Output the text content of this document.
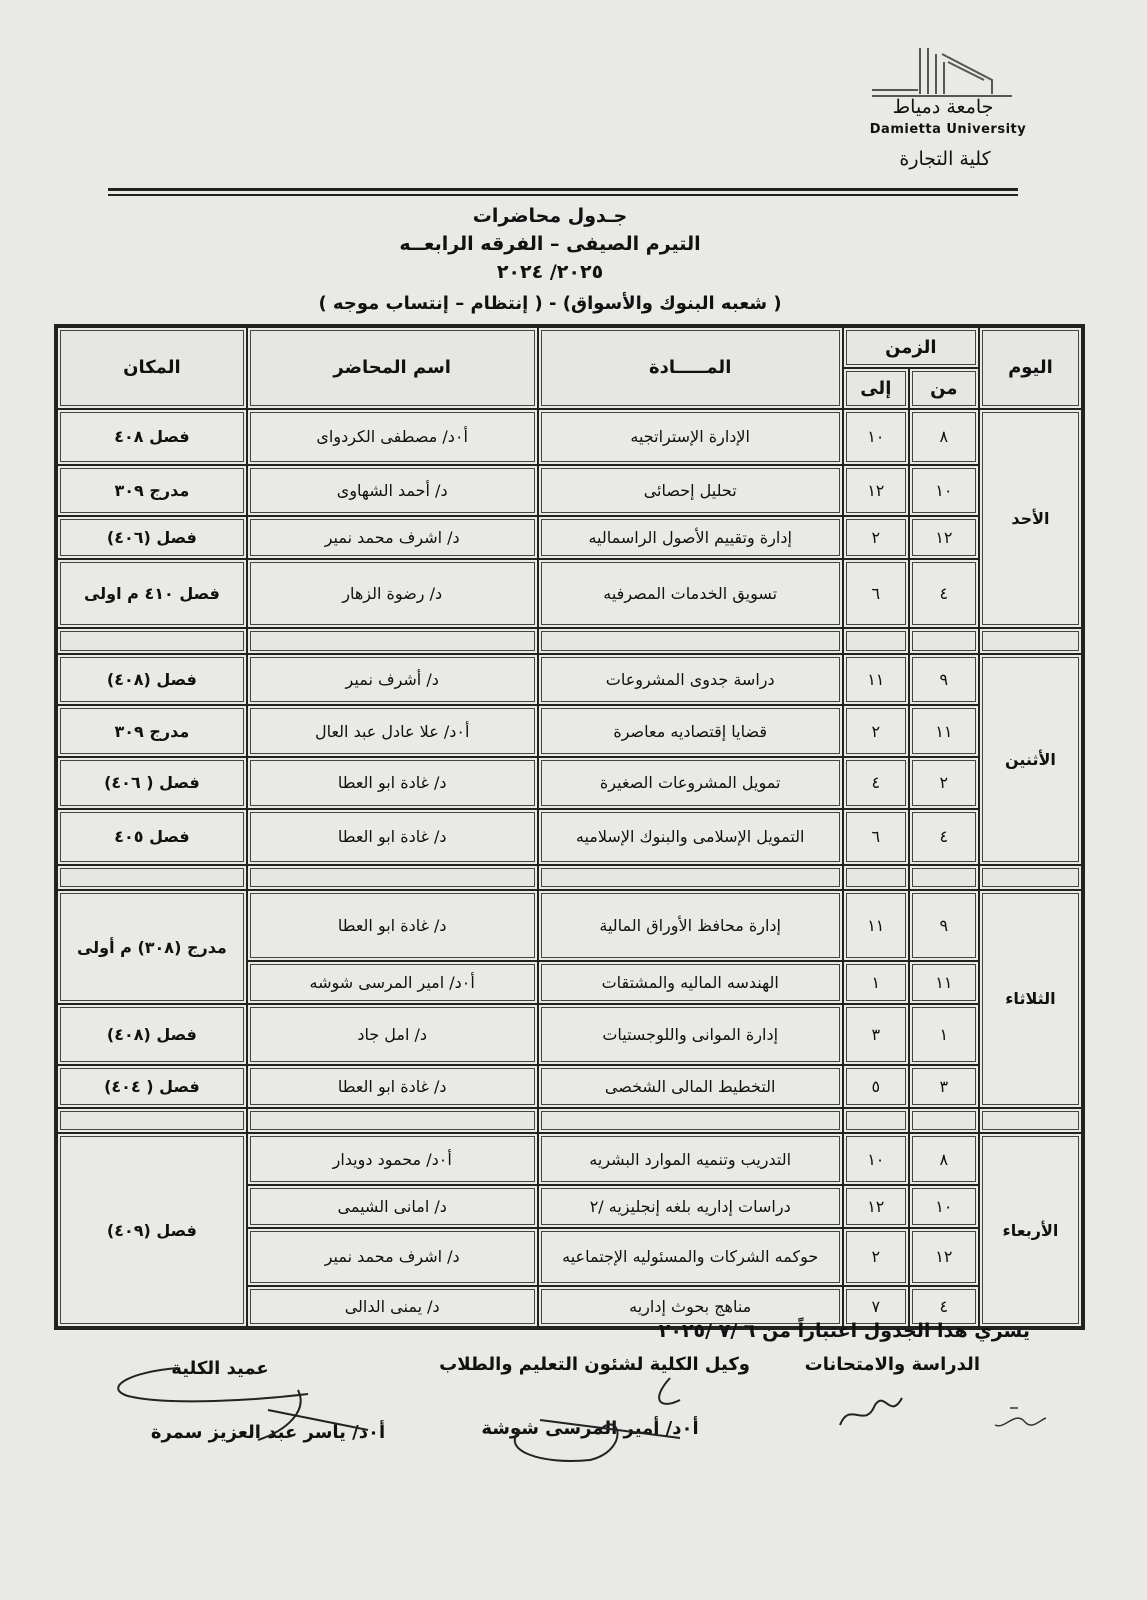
جامعة دمياط
Damietta University
كلية التجارة
جـدول محاضرات
التيرم الصيفى – الفرقه الرابعــه
٢٠٢٥/ ٢٠٢٤
( شعبه البنوك والأسواق) - ( إنتظام – إنتساب موجه )
اليوم	الزمن		المـــــادة	اسم المحاضر	المكان
	من	إلى			
الأحد	٨	١٠	الإدارة الإستراتجيه	أ٠د/ مصطفى الكردواى	فصل ٤٠٨
	١٠	١٢	تحليل إحصائى	د/ أحمد الشهاوى	مدرج ٣٠٩
	١٢	٢	إدارة وتقييم الأصول الراسماليه	د/ اشرف محمد نمير	فصل (٤٠٦)
	٤	٦	تسويق الخدمات المصرفيه	د/ رضوة الزهار	فصل ٤١٠ م اولى

الأثنين	٩	١١	دراسة جدوى المشروعات	د/ أشرف نمير	فصل (٤٠٨)
	١١	٢	قضايا إقتصاديه معاصرة	أ٠د/ علا عادل عبد العال	مدرج ٣٠٩
	٢	٤	تمويل المشروعات الصغيرة	د/ غادة ابو العطا	فصل ( ٤٠٦)
	٤	٦	التمويل الإسلامى والبنوك الإسلاميه	د/ غادة ابو العطا	فصل ٤٠٥

الثلاثاء	٩	١١	إدارة محافظ الأوراق المالية	د/ غادة ابو العطا	مدرج (٣٠٨) م أولى
	١١	١	الهندسه الماليه والمشتقات	أ٠د/ امير المرسى شوشه	
	١	٣	إدارة الموانى واللوجستيات	د/ امل جاد	فصل (٤٠٨)
	٣	٥	التخطيط المالى الشخصى	د/ غادة ابو العطا	فصل ( ٤٠٤)

الأربعاء	٨	١٠	التدريب وتنميه الموارد البشريه	أ٠د/ محمود دويدار	فصل (٤٠٩)
	١٠	١٢	دراسات إداريه بلغه إنجليزيه /٢	د/ امانى الشيمى	
	١٢	٢	حوكمه الشركات والمسئوليه الإجتماعيه	د/ اشرف محمد نمير	
	٤	٧	مناهج بحوث إداريه	د/ يمنى الدالى	
يسري هذا الجدول اعتباراً من ٦ /٧ /٢٠٢٥
الدراسة والامتحانات
وكيل الكلية لشئون التعليم والطلاب
عميد الكلية
أ٠د/ أمير المرسى شوشة
أ٠د/ ياسر عبد العزيز سمرة
